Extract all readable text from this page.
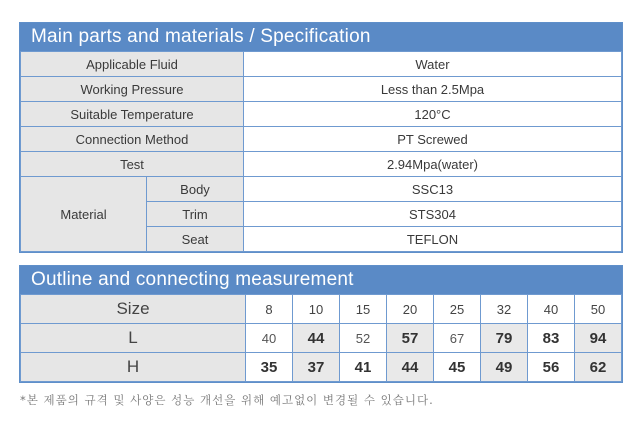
Main parts and materials / Specification
Applicable Fluid		Water
Working Pressure		Less than 2.5Mpa
Suitable Temperature		120°C
Connection Method		PT Screwed
Test		2.94Mpa(water)
Material	Body	SSC13
	Trim	STS304
	Seat	TEFLON
Outline and connecting measurement
Size	8	10	15	20	25	32	40	50
L	40	44	52	57	67	79	83	94
H	35	37	41	44	45	49	56	62
*본 제품의 규격 및 사양은 성능 개선을 위해 예고없이 변경될 수 있습니다.
